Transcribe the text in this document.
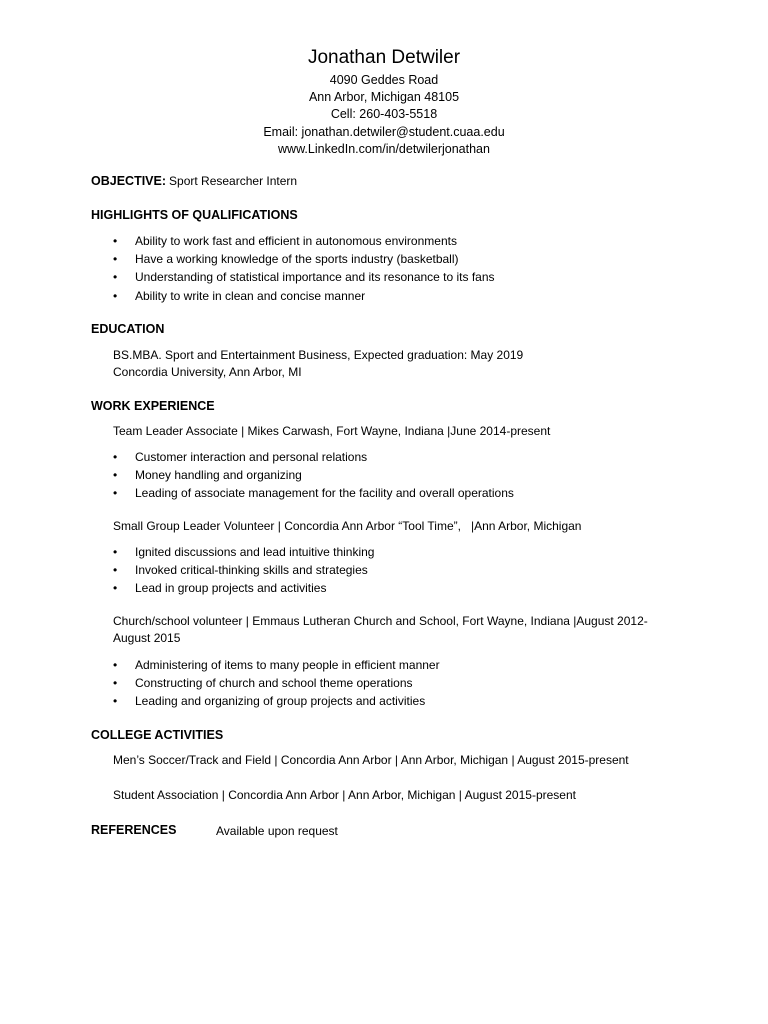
Jonathan Detwiler
4090 Geddes Road
Ann Arbor, Michigan 48105
Cell: 260-403-5518
Email: jonathan.detwiler@student.cuaa.edu
www.LinkedIn.com/in/detwilerjonathan
OBJECTIVE: Sport Researcher Intern
HIGHLIGHTS OF QUALIFICATIONS
• Ability to work fast and efficient in autonomous environments
• Have a working knowledge of the sports industry (basketball)
• Understanding of statistical importance and its resonance to its fans
• Ability to write in clean and concise manner
EDUCATION
BS.MBA. Sport and Entertainment Business, Expected graduation: May 2019
Concordia University, Ann Arbor, MI
WORK EXPERIENCE
Team Leader Associate | Mikes Carwash, Fort Wayne, Indiana |June 2014-present
• Customer interaction and personal relations
• Money handling and organizing
• Leading of associate management for the facility and overall operations
Small Group Leader Volunteer | Concordia Ann Arbor “Tool Time”,   |Ann Arbor, Michigan
• Ignited discussions and lead intuitive thinking
• Invoked critical-thinking skills and strategies
• Lead in group projects and activities
Church/school volunteer | Emmaus Lutheran Church and School, Fort Wayne, Indiana |August 2012-August 2015
• Administering of items to many people in efficient manner
• Constructing of church and school theme operations
• Leading and organizing of group projects and activities
COLLEGE ACTIVITIES
Men’s Soccer/Track and Field | Concordia Ann Arbor | Ann Arbor, Michigan | August 2015-present
Student Association | Concordia Ann Arbor | Ann Arbor, Michigan | August 2015-present
REFERENCES	Available upon request
